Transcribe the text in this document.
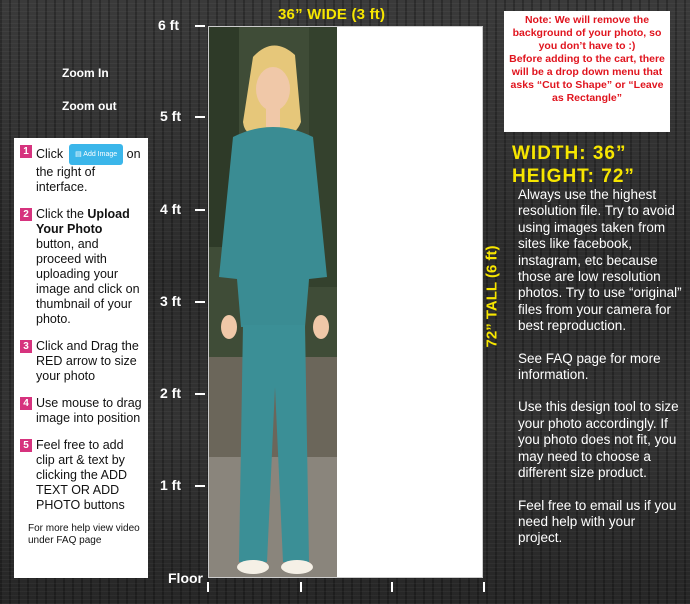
36” WIDE (3 ft)
Zoom In
Zoom out
6 ft
5 ft
4 ft
3 ft
2 ft
1 ft
Floor
1 Click ▤ Add Image on the right of interface.
2 Click the Upload Your Photo button, and proceed with uploading your image and click on thumbnail of your photo.
3 Click and Drag the RED arrow to size your photo
4 Use mouse to drag image into position
5 Feel free to add clip art & text by clicking the ADD TEXT OR ADD PHOTO buttons
For more help view video under FAQ page
Note: We will remove the background of your photo, so you don’t have to :)
Before adding to the cart, there will be a drop down menu that asks “Cut to Shape” or “Leave as Rectangle”
WIDTH: 36”
HEIGHT: 72”
72” TALL (6 ft)

Always use the highest resolution file. Try to avoid using images taken from sites like facebook, instagram, etc because those are low resolution photos. Try to use “original” files from your camera for best reproduction.

See FAQ page for more information.

Use this design tool to size your photo accordingly. If you photo does not fit, you may need to choose a different size product.

Feel free to email us if you need help with your project.
